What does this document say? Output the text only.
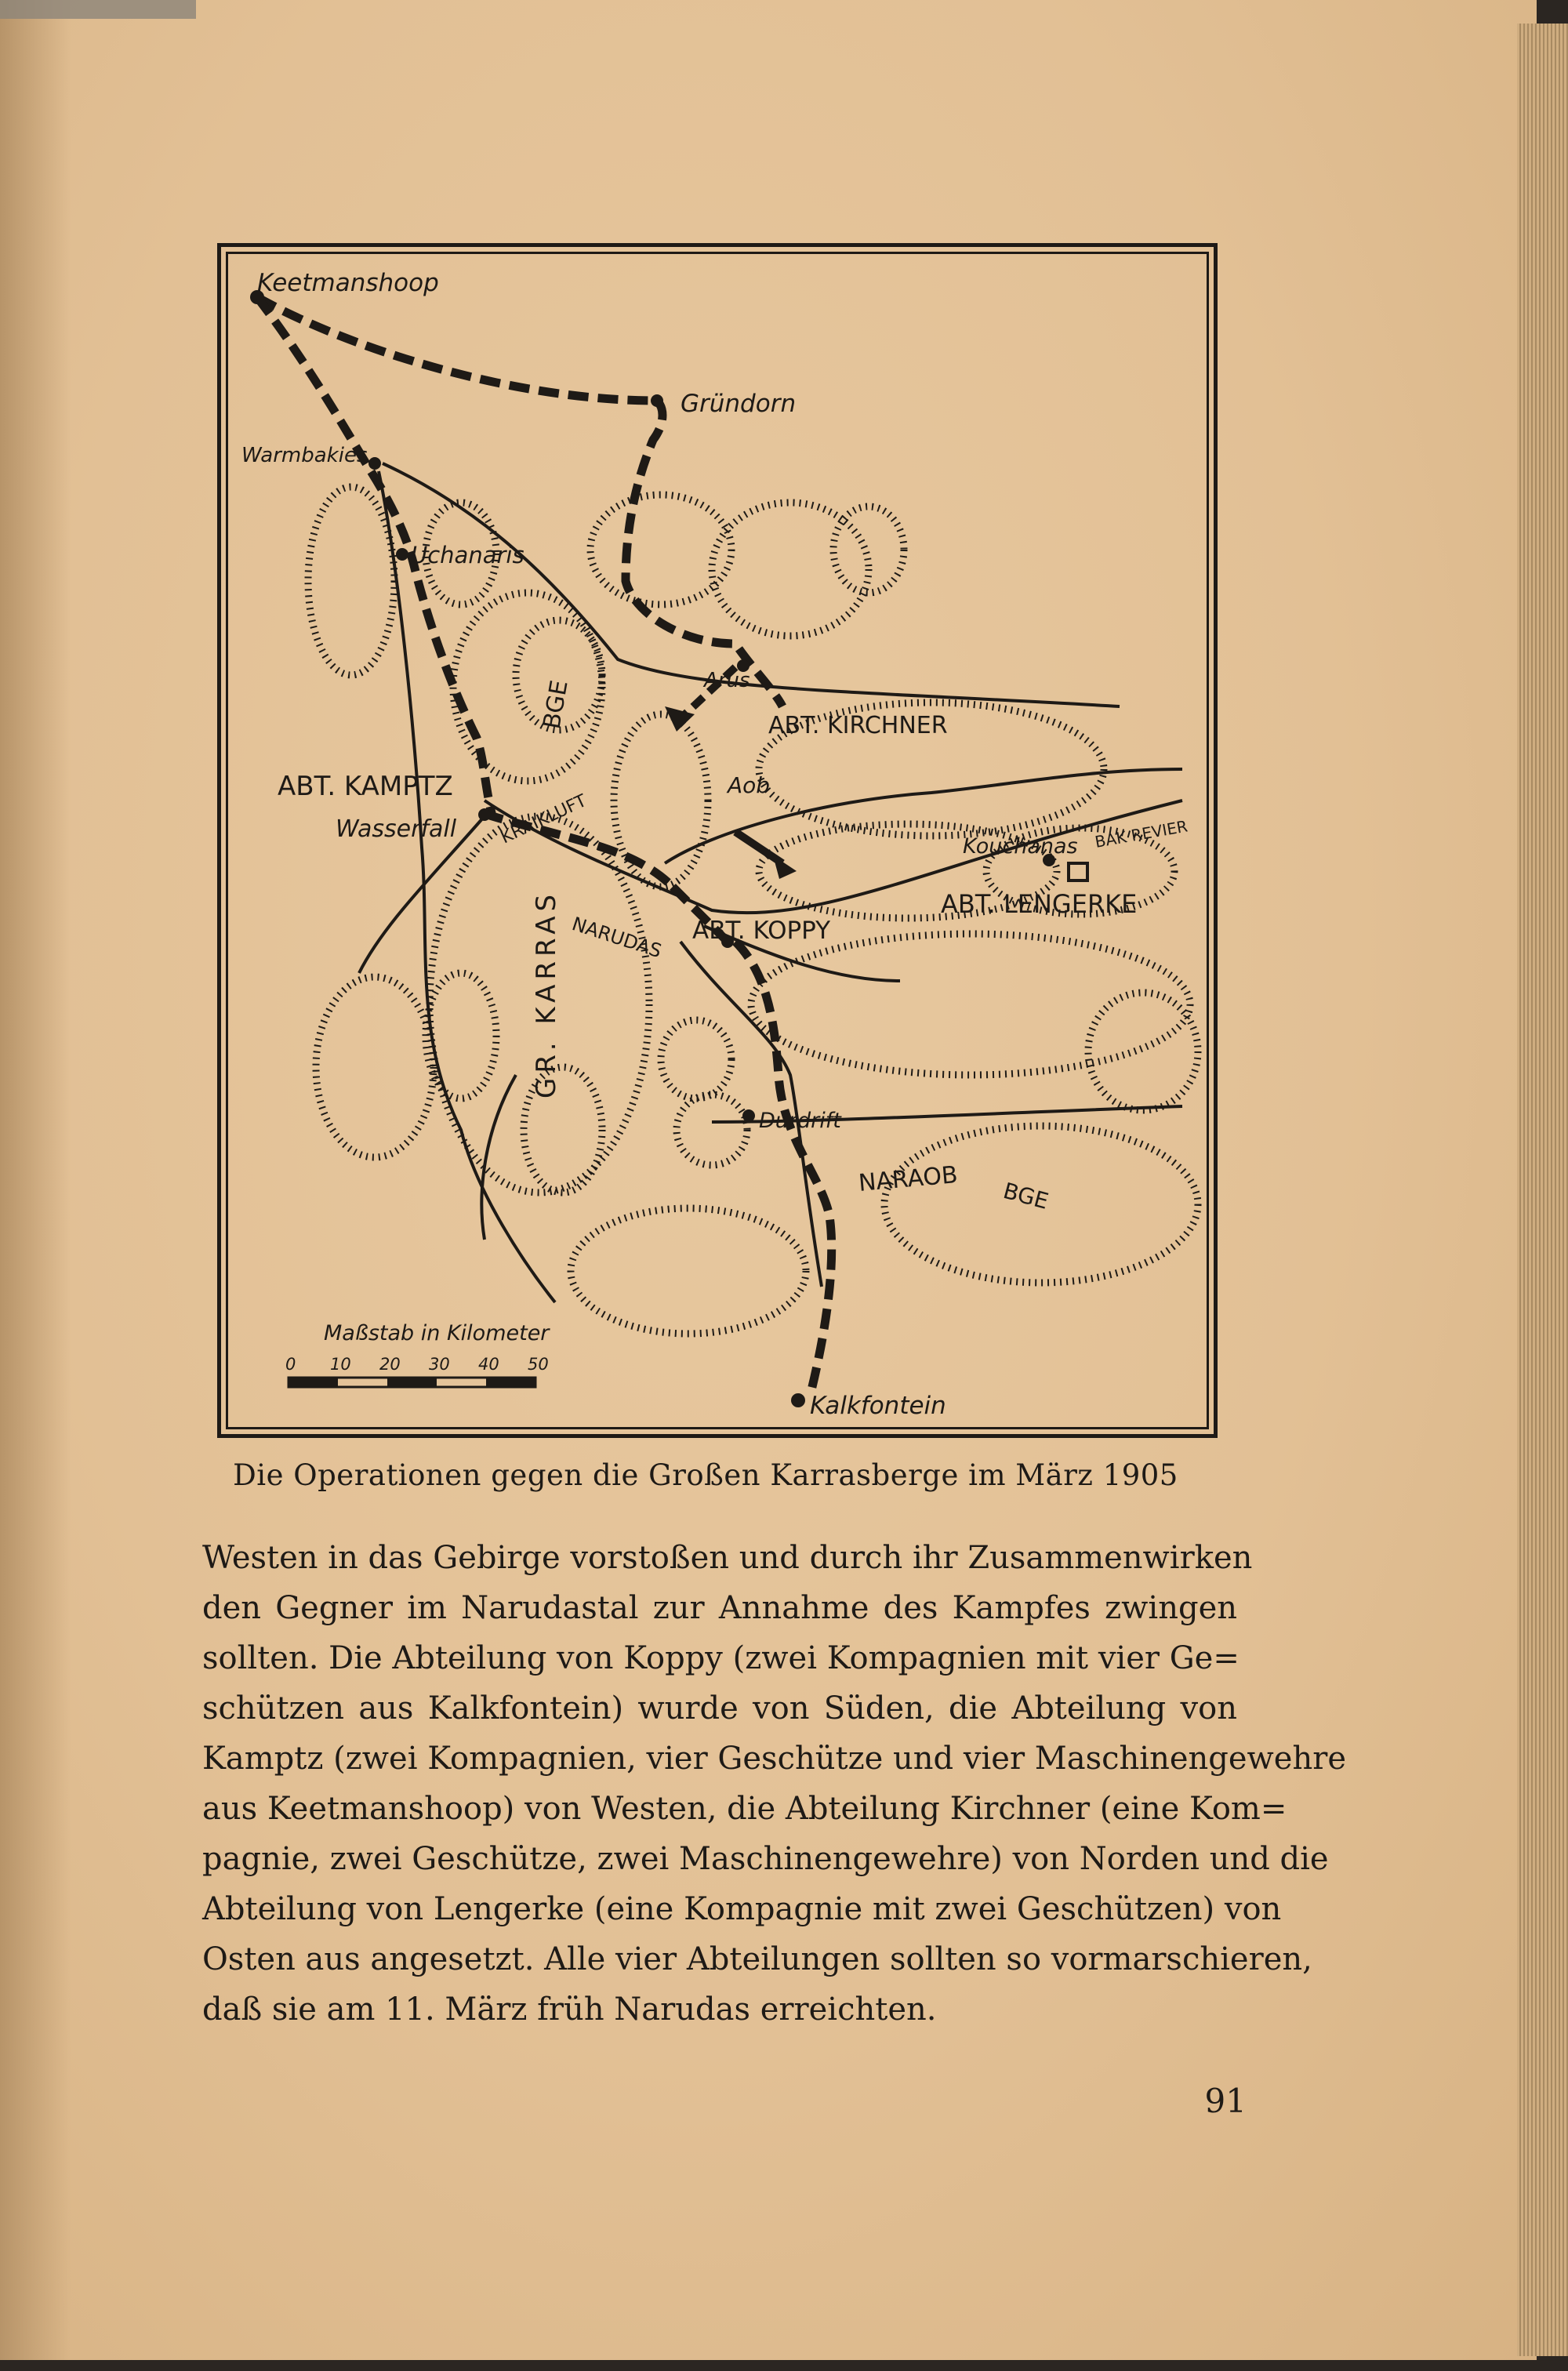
Keetmanshoop
Gründorn
Warmbakies
Uchanaris
Arus
Aob
Wasserfall
Kouchanas BAK REVIER
NARUDAS
KRAIKLUFT
Durdrift
Kalkfontein
ABT. KIRCHNER
ABT. KAMPTZ
ABT. LENGERKE
ABT. KOPPY
GR. KARRAS
BGE
NARAOB BGE
Maßstab in Kilometer
0 10 20 30 40 50
Die Operationen gegen die Großen Karrasberge im März 1905
Westen in das Gebirge vorstoßen und durch ihr Zusammenwirken
den Gegner im Narudastal zur Annahme des Kampfes zwingen
sollten. Die Abteilung von Koppy (zwei Kompagnien mit vier Ge=
schützen aus Kalkfontein) wurde von Süden, die Abteilung von
Kamptz (zwei Kompagnien, vier Geschütze und vier Maschinengewehre
aus Keetmanshoop) von Westen, die Abteilung Kirchner (eine Kom=
pagnie, zwei Geschütze, zwei Maschinengewehre) von Norden und die
Abteilung von Lengerke (eine Kompagnie mit zwei Geschützen) von
Osten aus angesetzt. Alle vier Abteilungen sollten so vormarschieren,
daß sie am 11. März früh Narudas erreichten.
91
